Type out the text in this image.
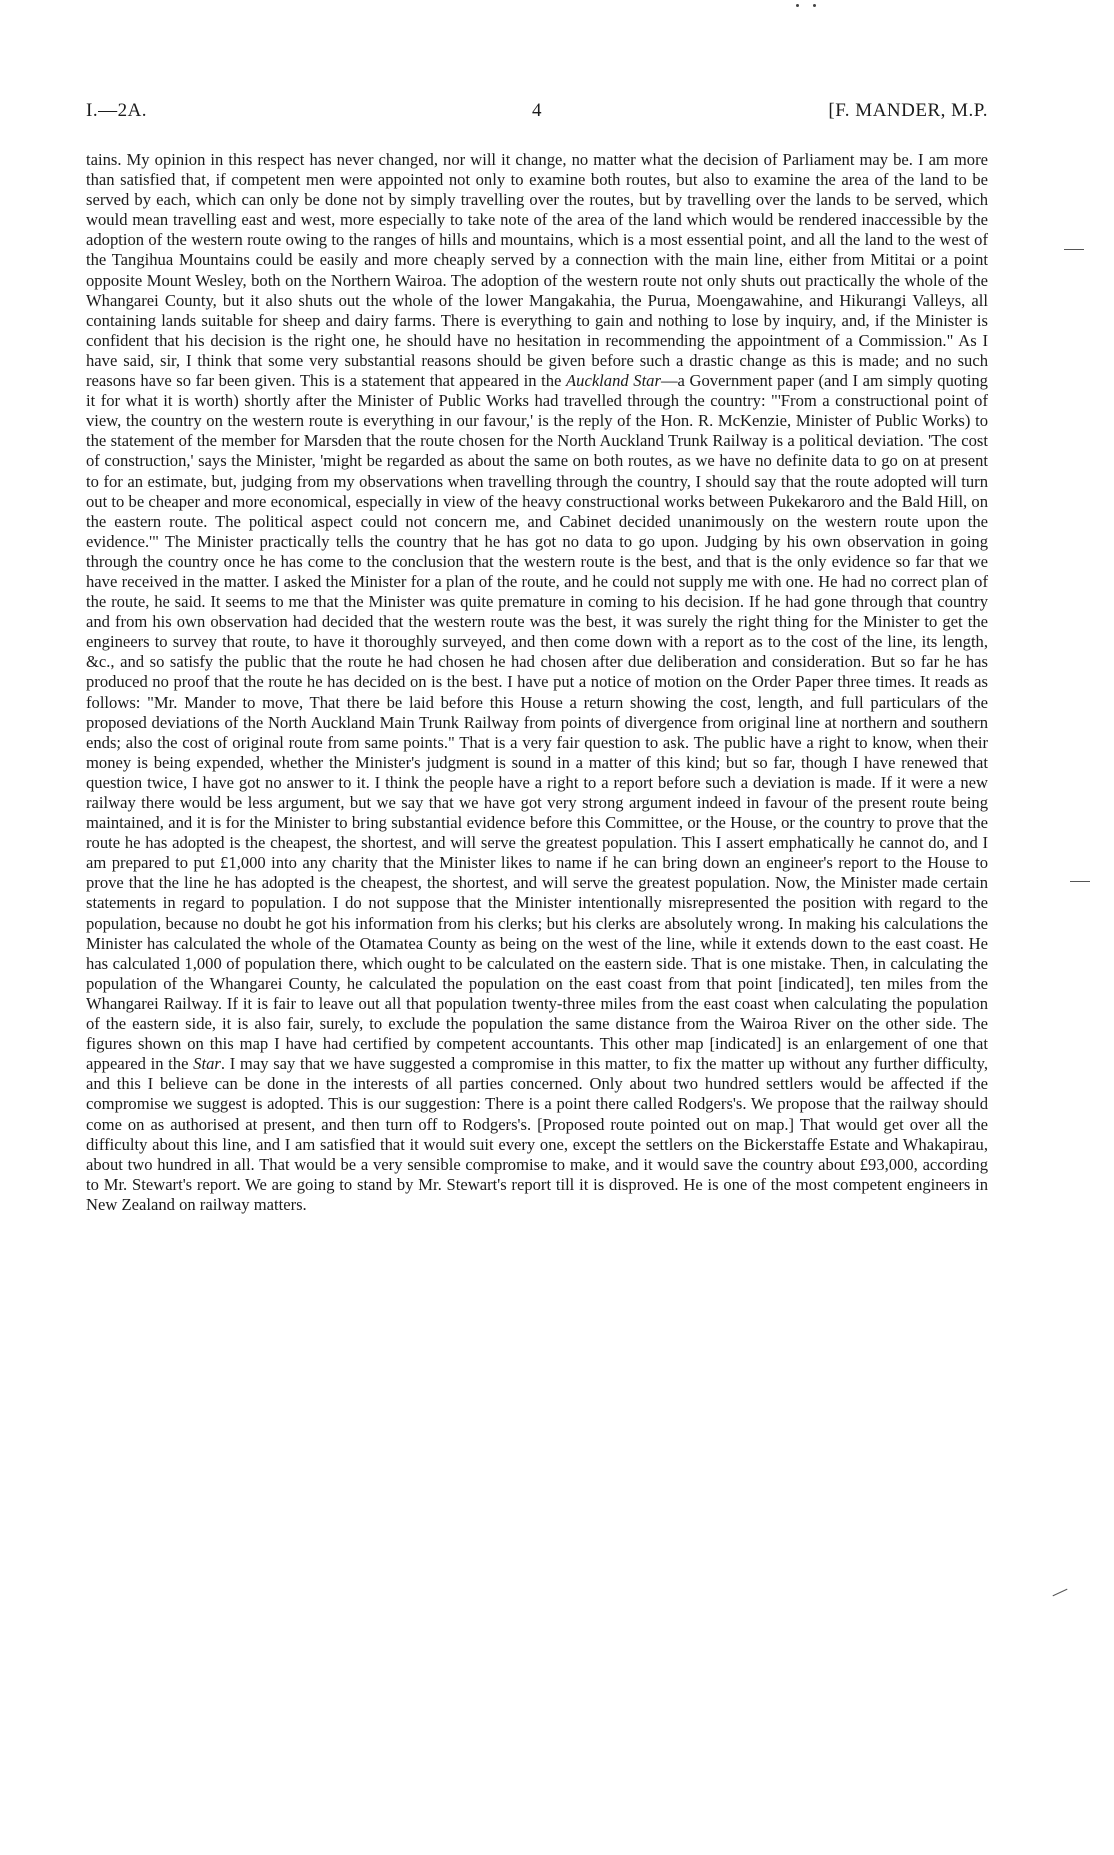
I.—2A.	4	[F. MANDER, M.P.

tains. My opinion in this respect has never changed, nor will it change, no matter what the decision of Parliament may be. I am more than satisfied that, if competent men were appointed not only to examine both routes, but also to examine the area of the land to be served by each, which can only be done not by simply travelling over the routes, but by travelling over the lands to be served, which would mean travelling east and west, more especially to take note of the area of the land which would be rendered inaccessible by the adoption of the western route owing to the ranges of hills and mountains, which is a most essential point, and all the land to the west of the Tangihua Mountains could be easily and more cheaply served by a connection with the main line, either from Mititai or a point opposite Mount Wesley, both on the Northern Wairoa. The adoption of the western route not only shuts out practically the whole of the Whangarei County, but it also shuts out the whole of the lower Mangakahia, the Purua, Moengawahine, and Hikurangi Valleys, all containing lands suitable for sheep and dairy farms. There is everything to gain and nothing to lose by inquiry, and, if the Minister is confident that his decision is the right one, he should have no hesitation in recommending the appointment of a Commission." As I have said, sir, I think that some very substantial reasons should be given before such a drastic change as this is made; and no such reasons have so far been given. This is a statement that appeared in the Auckland Star—a Government paper (and I am simply quoting it for what it is worth) shortly after the Minister of Public Works had travelled through the country: "'From a constructional point of view, the country on the western route is everything in our favour,' is the reply of the Hon. R. McKenzie, Minister of Public Works) to the statement of the member for Marsden that the route chosen for the North Auckland Trunk Railway is a political deviation. 'The cost of construction,' says the Minister, 'might be regarded as about the same on both routes, as we have no definite data to go on at present to for an estimate, but, judging from my observations when travelling through the country, I should say that the route adopted will turn out to be cheaper and more economical, especially in view of the heavy constructional works between Pukekaroro and the Bald Hill, on the eastern route. The political aspect could not concern me, and Cabinet decided unanimously on the western route upon the evidence.'" The Minister practically tells the country that he has got no data to go upon. Judging by his own observation in going through the country once he has come to the conclusion that the western route is the best, and that is the only evidence so far that we have received in the matter. I asked the Minister for a plan of the route, and he could not supply me with one. He had no correct plan of the route, he said. It seems to me that the Minister was quite premature in coming to his decision. If he had gone through that country and from his own observation had decided that the western route was the best, it was surely the right thing for the Minister to get the engineers to survey that route, to have it thoroughly surveyed, and then come down with a report as to the cost of the line, its length, &c., and so satisfy the public that the route he had chosen he had chosen after due deliberation and consideration. But so far he has produced no proof that the route he has decided on is the best. I have put a notice of motion on the Order Paper three times. It reads as follows: "Mr. Mander to move, That there be laid before this House a return showing the cost, length, and full particulars of the proposed deviations of the North Auckland Main Trunk Railway from points of divergence from original line at northern and southern ends; also the cost of original route from same points." That is a very fair question to ask. The public have a right to know, when their money is being expended, whether the Minister's judgment is sound in a matter of this kind; but so far, though I have renewed that question twice, I have got no answer to it. I think the people have a right to a report before such a deviation is made. If it were a new railway there would be less argument, but we say that we have got very strong argument indeed in favour of the present route being maintained, and it is for the Minister to bring substantial evidence before this Committee, or the House, or the country to prove that the route he has adopted is the cheapest, the shortest, and will serve the greatest population. This I assert emphatically he cannot do, and I am prepared to put £1,000 into any charity that the Minister likes to name if he can bring down an engineer's report to the House to prove that the line he has adopted is the cheapest, the shortest, and will serve the greatest population. Now, the Minister made certain statements in regard to population. I do not suppose that the Minister intentionally misrepresented the position with regard to the population, because no doubt he got his information from his clerks; but his clerks are absolutely wrong. In making his calculations the Minister has calculated the whole of the Otamatea County as being on the west of the line, while it extends down to the east coast. He has calculated 1,000 of population there, which ought to be calculated on the eastern side. That is one mistake. Then, in calculating the population of the Whangarei County, he calculated the population on the east coast from that point [indicated], ten miles from the Whangarei Railway. If it is fair to leave out all that population twenty-three miles from the east coast when calculating the population of the eastern side, it is also fair, surely, to exclude the population the same distance from the Wairoa River on the other side. The figures shown on this map I have had certified by competent accountants. This other map [indicated] is an enlargement of one that appeared in the Star. I may say that we have suggested a compromise in this matter, to fix the matter up without any further difficulty, and this I believe can be done in the interests of all parties concerned. Only about two hundred settlers would be affected if the compromise we suggest is adopted. This is our suggestion: There is a point there called Rodgers's. We propose that the railway should come on as authorised at present, and then turn off to Rodgers's. [Proposed route pointed out on map.] That would get over all the difficulty about this line, and I am satisfied that it would suit every one, except the settlers on the Bickerstaffe Estate and Whakapirau, about two hundred in all. That would be a very sensible compromise to make, and it would save the country about £93,000, according to Mr. Stewart's report. We are going to stand by Mr. Stewart's report till it is disproved. He is one of the most competent engineers in New Zealand on railway matters.
